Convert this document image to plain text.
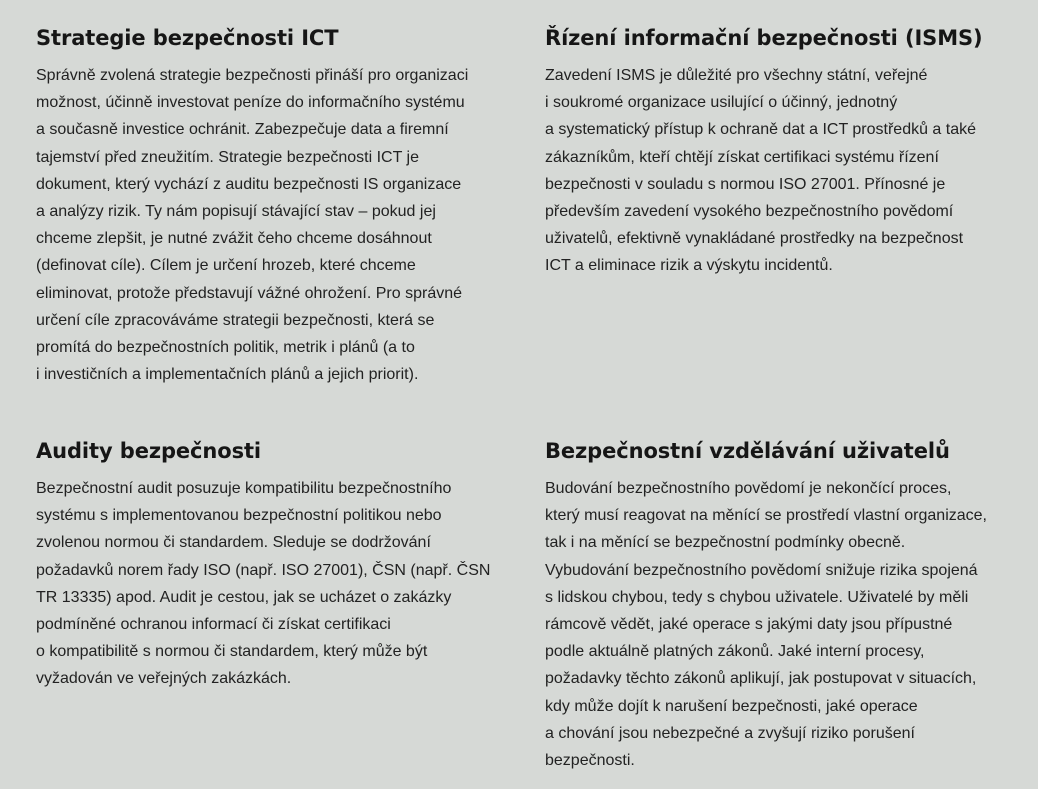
Strategie bezpečnosti ICT

Správně zvolená strategie bezpečnosti přináší pro organizaci
možnost, účinně investovat peníze do informačního systému
a současně investice ochránit. Zabezpečuje data a firemní
tajemství před zneužitím. Strategie bezpečnosti ICT je
dokument, který vychází z auditu bezpečnosti IS organizace
a analýzy rizik. Ty nám popisují stávající stav – pokud jej
chceme zlepšit, je nutné zvážit čeho chceme dosáhnout
(definovat cíle). Cílem je určení hrozeb, které chceme
eliminovat, protože představují vážné ohrožení. Pro správné
určení cíle zpracováváme strategii bezpečnosti, která se
promítá do bezpečnostních politik, metrik i plánů (a to
i investičních a implementačních plánů a jejich priorit).

Řízení informační bezpečnosti (ISMS)

Zavedení ISMS je důležité pro všechny státní, veřejné
i soukromé organizace usilující o účinný, jednotný
a systematický přístup k ochraně dat a ICT prostředků a také
zákazníkům, kteří chtějí získat certifikaci systému řízení
bezpečnosti v souladu s normou ISO 27001. Přínosné je
především zavedení vysokého bezpečnostního povědomí
uživatelů, efektivně vynakládané prostředky na bezpečnost
ICT a eliminace rizik a výskytu incidentů.

Audity bezpečnosti

Bezpečnostní audit posuzuje kompatibilitu bezpečnostního
systému s implementovanou bezpečnostní politikou nebo
zvolenou normou či standardem. Sleduje se dodržování
požadavků norem řady ISO (např. ISO 27001), ČSN (např. ČSN
TR 13335) apod. Audit je cestou, jak se ucházet o zakázky
podmíněné ochranou informací či získat certifikaci
o kompatibilitě s normou či standardem, který může být
vyžadován ve veřejných zakázkách.

Bezpečnostní vzdělávání uživatelů

Budování bezpečnostního povědomí je nekončící proces,
který musí reagovat na měnící se prostředí vlastní organizace,
tak i na měnící se bezpečnostní podmínky obecně.
Vybudování bezpečnostního povědomí snižuje rizika spojená
s lidskou chybou, tedy s chybou uživatele. Uživatelé by měli
rámcově vědět, jaké operace s jakými daty jsou přípustné
podle aktuálně platných zákonů. Jaké interní procesy,
požadavky těchto zákonů aplikují, jak postupovat v situacích,
kdy může dojít k narušení bezpečnosti, jaké operace
a chování jsou nebezpečné a zvyšují riziko porušení
bezpečnosti.
